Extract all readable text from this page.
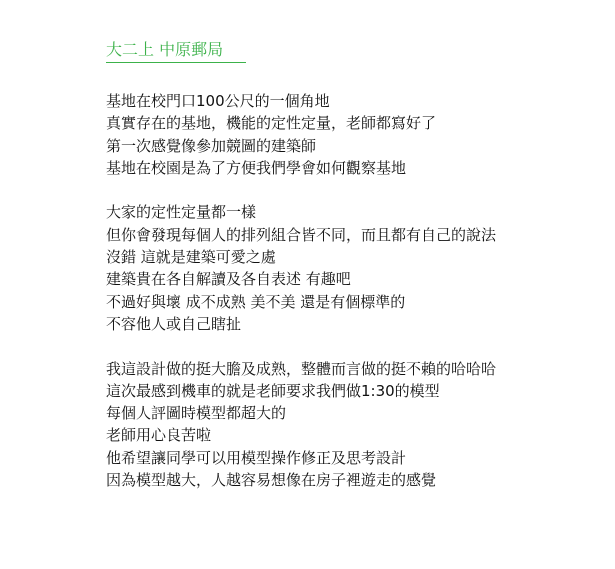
大二上 中原郵局
基地在校門口100公尺的一個角地
真實存在的基地，機能的定性定量，老師都寫好了
第一次感覺像參加競圖的建築師
基地在校園是為了方便我們學會如何觀察基地
大家的定性定量都一樣
但你會發現每個人的排列組合皆不同，而且都有自己的說法
沒錯 這就是建築可愛之處
建築貴在各自解讀及各自表述 有趣吧
不過好與壞 成不成熟 美不美 還是有個標準的
不容他人或自己瞎扯
我這設計做的挺大膽及成熟，整體而言做的挺不賴的哈哈哈
這次最感到機車的就是老師要求我們做1:30的模型
每個人評圖時模型都超大的
老師用心良苦啦
他希望讓同學可以用模型操作修正及思考設計
因為模型越大，人越容易想像在房子裡遊走的感覺
